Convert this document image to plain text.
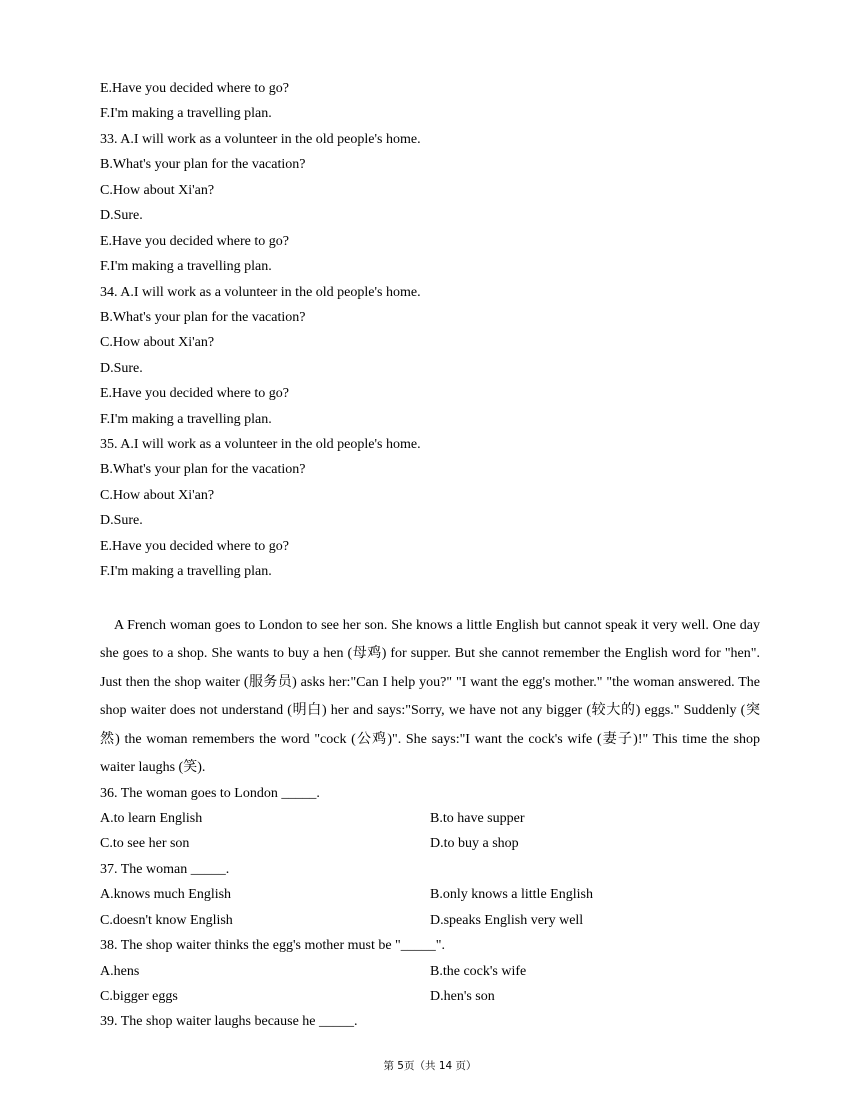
E.Have you decided where to go?
F.I'm making a travelling plan.
33. A.I will work as a volunteer in the old people's home.
B.What's your plan for the vacation?
C.How about Xi'an?
D.Sure.
E.Have you decided where to go?
F.I'm making a travelling plan.
34. A.I will work as a volunteer in the old people's home.
B.What's your plan for the vacation?
C.How about Xi'an?
D.Sure.
E.Have you decided where to go?
F.I'm making a travelling plan.
35. A.I will work as a volunteer in the old people's home.
B.What's your plan for the vacation?
C.How about Xi'an?
D.Sure.
E.Have you decided where to go?
F.I'm making a travelling plan.
A French woman goes to London to see her son. She knows a little English but cannot speak it very well. One day she goes to a shop. She wants to buy a hen (母鸡) for supper. But she cannot remember the English word for "hen". Just then the shop waiter (服务员) asks her:"Can I help you?" "I want the egg's mother." "the woman answered. The shop waiter does not understand (明白) her and says:"Sorry, we have not any bigger (较大的) eggs." Suddenly (突然) the woman remembers the word "cock (公鸡)". She says:"I want the cock's wife (妻子)!" This time the shop waiter laughs (笑).
36. The woman goes to London _____.
A.to learn English	B.to have supper
C.to see her son	D.to buy a shop
37. The woman _____.
A.knows much English	B.only knows a little English
C.doesn't know English	D.speaks English very well
38. The shop waiter thinks the egg's mother must be "_____".
A.hens	B.the cock's wife
C.bigger eggs	D.hen's son
39. The shop waiter laughs because he _____.
第 5页（共 14 页）
